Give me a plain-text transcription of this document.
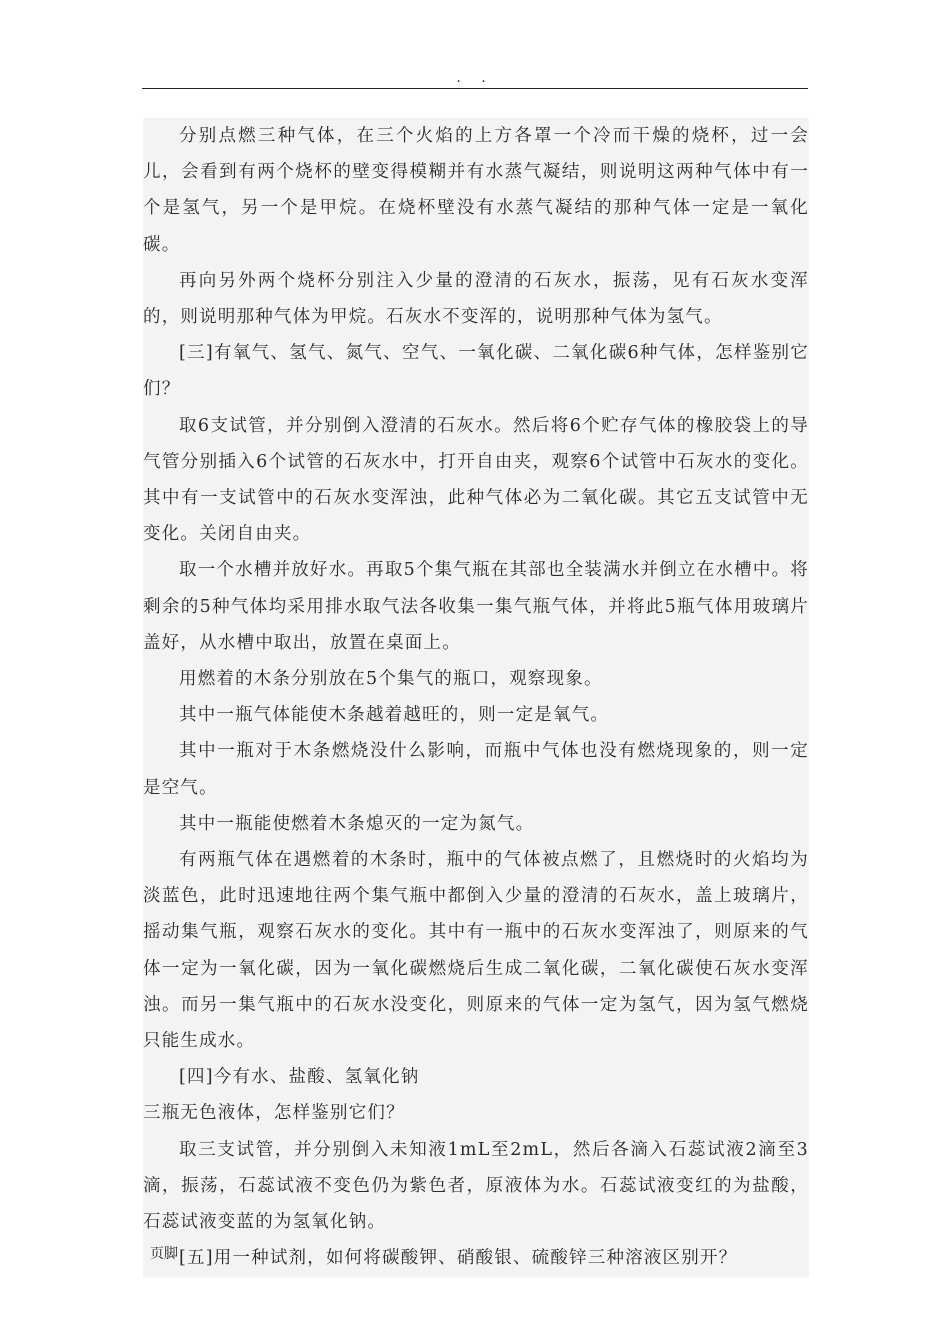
. .

分别点燃三种气体，在三个火焰的上方各罩一个冷而干燥的烧杯，过一会儿，会看到有两个烧杯的壁变得模糊并有水蒸气凝结，则说明这两种气体中有一个是氢气，另一个是甲烷。在烧杯壁没有水蒸气凝结的那种气体一定是一氧化碳。

再向另外两个烧杯分别注入少量的澄清的石灰水，振荡，见有石灰水变浑的，则说明那种气体为甲烷。石灰水不变浑的，说明那种气体为氢气。

[三]有氧气、氢气、氮气、空气、一氧化碳、二氧化碳6种气体，怎样鉴别它们？

取6支试管，并分别倒入澄清的石灰水。然后将6个贮存气体的橡胶袋上的导气管分别插入6个试管的石灰水中，打开自由夹，观察6个试管中石灰水的变化。其中有一支试管中的石灰水变浑浊，此种气体必为二氧化碳。其它五支试管中无变化。关闭自由夹。

取一个水槽并放好水。再取5个集气瓶在其部也全装满水并倒立在水槽中。将剩余的5种气体均采用排水取气法各收集一集气瓶气体，并将此5瓶气体用玻璃片盖好，从水槽中取出，放置在桌面上。

用燃着的木条分别放在5个集气的瓶口，观察现象。

其中一瓶气体能使木条越着越旺的，则一定是氧气。

其中一瓶对于木条燃烧没什么影响，而瓶中气体也没有燃烧现象的，则一定是空气。

其中一瓶能使燃着木条熄灭的一定为氮气。

有两瓶气体在遇燃着的木条时，瓶中的气体被点燃了，且燃烧时的火焰均为淡蓝色，此时迅速地往两个集气瓶中都倒入少量的澄清的石灰水，盖上玻璃片，摇动集气瓶，观察石灰水的变化。其中有一瓶中的石灰水变浑浊了，则原来的气体一定为一氧化碳，因为一氧化碳燃烧后生成二氧化碳，二氧化碳使石灰水变浑浊。而另一集气瓶中的石灰水没变化，则原来的气体一定为氢气，因为氢气燃烧只能生成水。

[四]今有水、盐酸、氢氧化钠

三瓶无色液体，怎样鉴别它们？

取三支试管，并分别倒入未知液1mL至2mL，然后各滴入石蕊试液2滴至3滴，振荡，石蕊试液不变色仍为紫色者，原液体为水。石蕊试液变红的为盐酸，石蕊试液变蓝的为氢氧化钠。

[五]用一种试剂，如何将碳酸钾、硝酸银、硫酸锌三种溶液区别开？

页脚
